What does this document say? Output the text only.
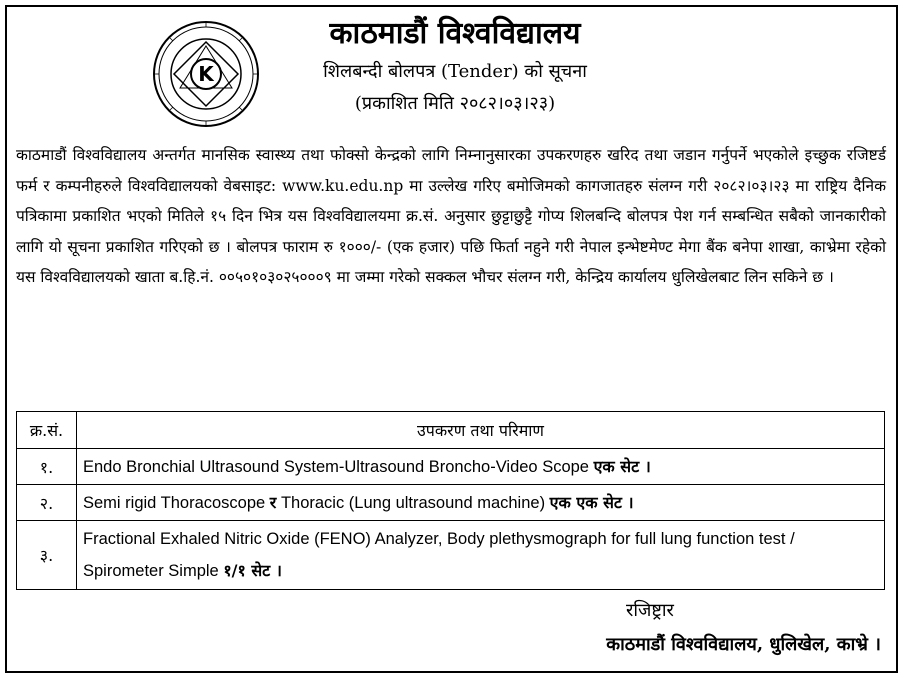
K
काठमाडौं विश्वविद्यालय
शिलबन्दी बोलपत्र (Tender) को सूचना
(प्रकाशित मिति २०८२।०३।२३)
काठमाडौं विश्वविद्यालय अन्तर्गत मानसिक स्वास्थ्य तथा फोक्सो केन्द्रको लागि निम्नानुसारका उपकरणहरु खरिद तथा जडान गर्नुपर्ने भएकोले इच्छुक रजिष्टर्ड फर्म र कम्पनीहरुले विश्वविद्यालयको वेबसाइट: www.ku.edu.np मा उल्लेख गरिए बमोजिमको कागजातहरु संलग्न गरी २०८२।०३।२३ मा राष्ट्रिय दैनिक पत्रिकामा प्रकाशित भएको मितिले १५ दिन भित्र यस विश्वविद्यालयमा क्र.सं. अनुसार छुट्टाछुट्टै गोप्य शिलबन्दि बोलपत्र पेश गर्न सम्बन्धित सबैको जानकारीको लागि यो सूचना प्रकाशित गरिएको छ । बोलपत्र फाराम रु १०००/- (एक हजार) पछि फिर्ता नहुने गरी नेपाल इन्भेष्टमेण्ट मेगा बैंक बनेपा शाखा, काभ्रेमा रहेको यस विश्वविद्यालयको खाता ब.हि.नं. ००५०१०३०२५०००९ मा जम्मा गरेको सक्कल भौचर संलग्न गरी, केन्द्रिय कार्यालय धुलिखेलबाट लिन सकिने छ ।
क्र.सं.	उपकरण तथा परिमाण
१.	Endo Bronchial Ultrasound System-Ultrasound Broncho-Video Scope एक सेट ।
२.	Semi rigid Thoracoscope र Thoracic (Lung ultrasound machine) एक एक सेट ।
३.	Fractional Exhaled Nitric Oxide (FENO) Analyzer, Body plethysmograph for full lung function test / Spirometer Simple १/१ सेट ।
रजिष्ट्रार
काठमाडौं विश्वविद्यालय, धुलिखेल, काभ्रे ।
